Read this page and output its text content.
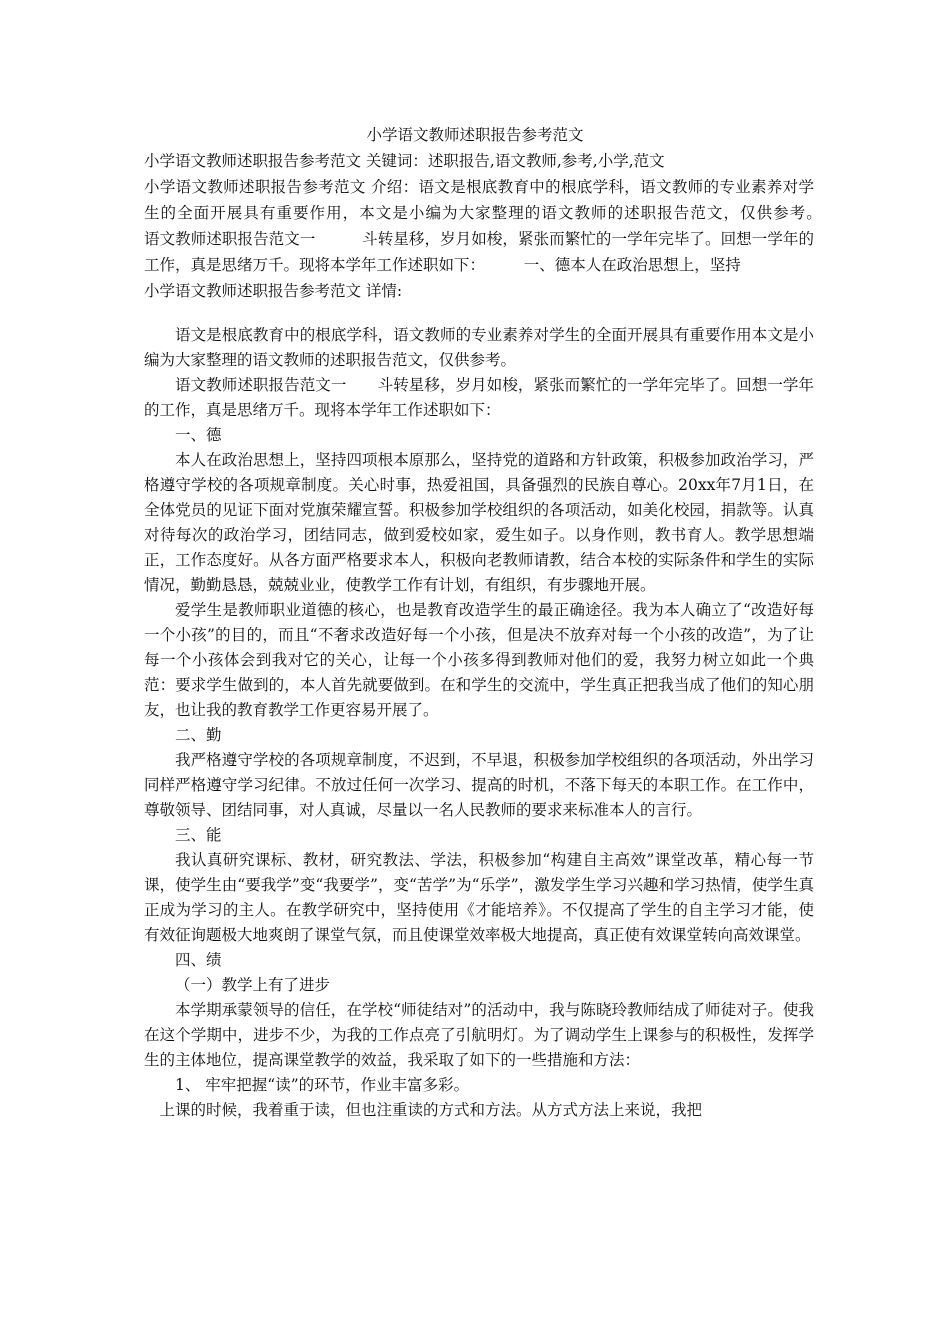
小学语文教师述职报告参考范文

小学语文教师述职报告参考范文 关键词：述职报告,语文教师,参考,小学,范文

小学语文教师述职报告参考范文 介绍：语文是根底教育中的根底学科，语文教师的专业素养对学生的全面开展具有重要作用，本文是小编为大家整理的语文教师的述职报告范文，仅供参考。　　　语文教师述职报告范文一　　　斗转星移，岁月如梭，紧张而繁忙的一学年完毕了。回想一学年的工作，真是思绪万千。现将本学年工作述职如下：　　　一、德本人在政治思想上，坚持

小学语文教师述职报告参考范文 详情:

语文是根底教育中的根底学科，语文教师的专业素养对学生的全面开展具有重要作用本文是小编为大家整理的语文教师的述职报告范文，仅供参考。

语文教师述职报告范文一　　斗转星移，岁月如梭，紧张而繁忙的一学年完毕了。回想一学年的工作，真是思绪万千。现将本学年工作述职如下：

一、德

本人在政治思想上，坚持四项根本原那么，坚持党的道路和方针政策，积极参加政治学习，严格遵守学校的各项规章制度。关心时事，热爱祖国，具备强烈的民族自尊心。20xx年7月1日，在全体党员的见证下面对党旗荣耀宣誓。积极参加学校组织的各项活动，如美化校园，捐款等。认真对待每次的政治学习，团结同志，做到爱校如家，爱生如子。以身作则，教书育人。教学思想端正，工作态度好。从各方面严格要求本人，积极向老教师请教，结合本校的实际条件和学生的实际情况，勤勤恳恳，兢兢业业，使教学工作有计划，有组织，有步骤地开展。

爱学生是教师职业道德的核心，也是教育改造学生的最正确途径。我为本人确立了“改造好每一个小孩”的目的，而且“不奢求改造好每一个小孩，但是决不放弃对每一个小孩的改造”，为了让每一个小孩体会到我对它的关心，让每一个小孩多得到教师对他们的爱，我努力树立如此一个典范：要求学生做到的，本人首先就要做到。在和学生的交流中，学生真正把我当成了他们的知心朋友，也让我的教育教学工作更容易开展了。

二、勤

我严格遵守学校的各项规章制度，不迟到，不早退，积极参加学校组织的各项活动，外出学习同样严格遵守学习纪律。不放过任何一次学习、提高的时机，不落下每天的本职工作。在工作中，尊敬领导、团结同事，对人真诚，尽量以一名人民教师的要求来标准本人的言行。

三、能

我认真研究课标、教材，研究教法、学法，积极参加“构建自主高效”课堂改革，精心每一节课，使学生由“要我学”变“我要学”，变“苦学”为“乐学”，激发学生学习兴趣和学习热情，使学生真正成为学习的主人。在教学研究中，坚持使用《才能培养》。不仅提高了学生的自主学习才能，使有效征询题极大地爽朗了课堂气氛，而且使课堂效率极大地提高，真正使有效课堂转向高效课堂。

四、绩

（一）教学上有了进步

本学期承蒙领导的信任，在学校“师徒结对”的活动中，我与陈晓玲教师结成了师徒对子。使我在这个学期中，进步不少，为我的工作点亮了引航明灯。为了调动学生上课参与的积极性，发挥学生的主体地位，提高课堂教学的效益，我采取了如下的一些措施和方法：

1、 牢牢把握“读”的环节，作业丰富多彩。

上课的时候，我着重于读，但也注重读的方式和方法。从方式方法上来说，我把
